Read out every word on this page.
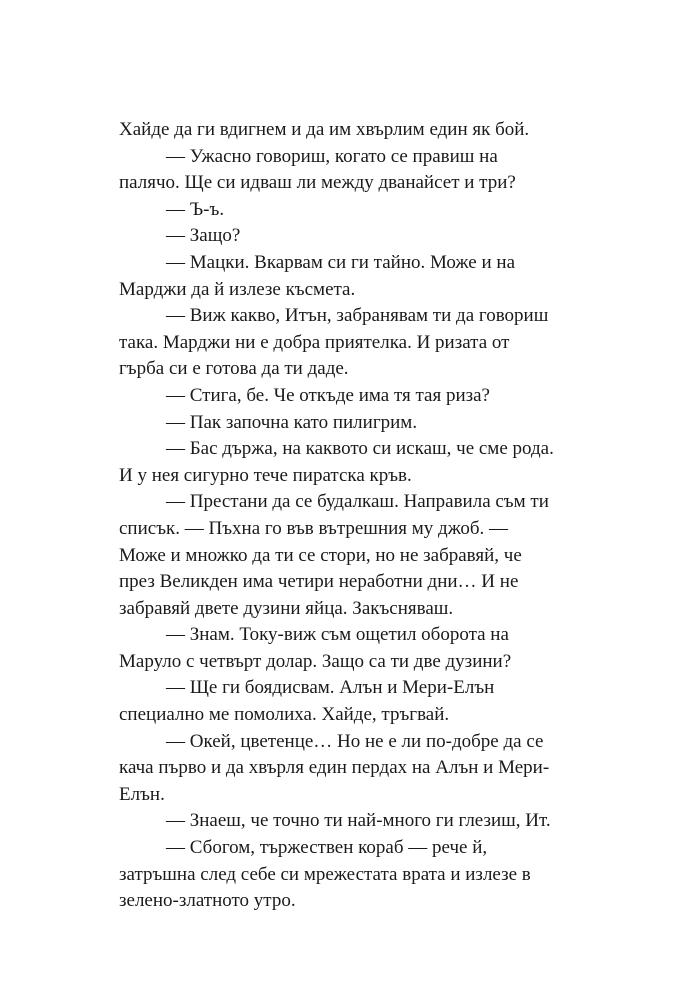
Хайде да ги вдигнем и да им хвърлим един як бой.
— Ужасно говориш, когато се правиш на
палячо. Ще си идваш ли между дванайсет и три?
— Ъ-ъ.
— Защо?
— Мацки. Вкарвам си ги тайно. Може и на
Марджи да й излезе късмета.
— Виж какво, Итън, забранявам ти да говориш
така. Марджи ни е добра приятелка. И ризата от
гърба си е готова да ти даде.
— Стига, бе. Че откъде има тя тая риза?
— Пак започна като пилигрим.
— Бас държа, на каквото си искаш, че сме рода.
И у нея сигурно тече пиратска кръв.
— Престани да се будалкаш. Направила съм ти
списък. — Пъхна го във вътрешния му джоб. —
Може и множко да ти се стори, но не забравяй, че
през Великден има четири неработни дни… И не
забравяй двете дузини яйца. Закъсняваш.
— Знам. Току-виж съм ощетил оборота на
Маруло с четвърт долар. Защо са ти две дузини?
— Ще ги боядисвам. Алън и Мери-Елън
специално ме помолиха. Хайде, тръгвай.
— Окей, цветенце… Но не е ли по-добре да се
кача първо и да хвърля един пердах на Алън и Мери-
Елън.
— Знаеш, че точно ти най-много ги глезиш, Ит.
— Сбогом, тържествен кораб — рече й,
затръшна след себе си мрежестата врата и излезе в
зелено-златното утро.
